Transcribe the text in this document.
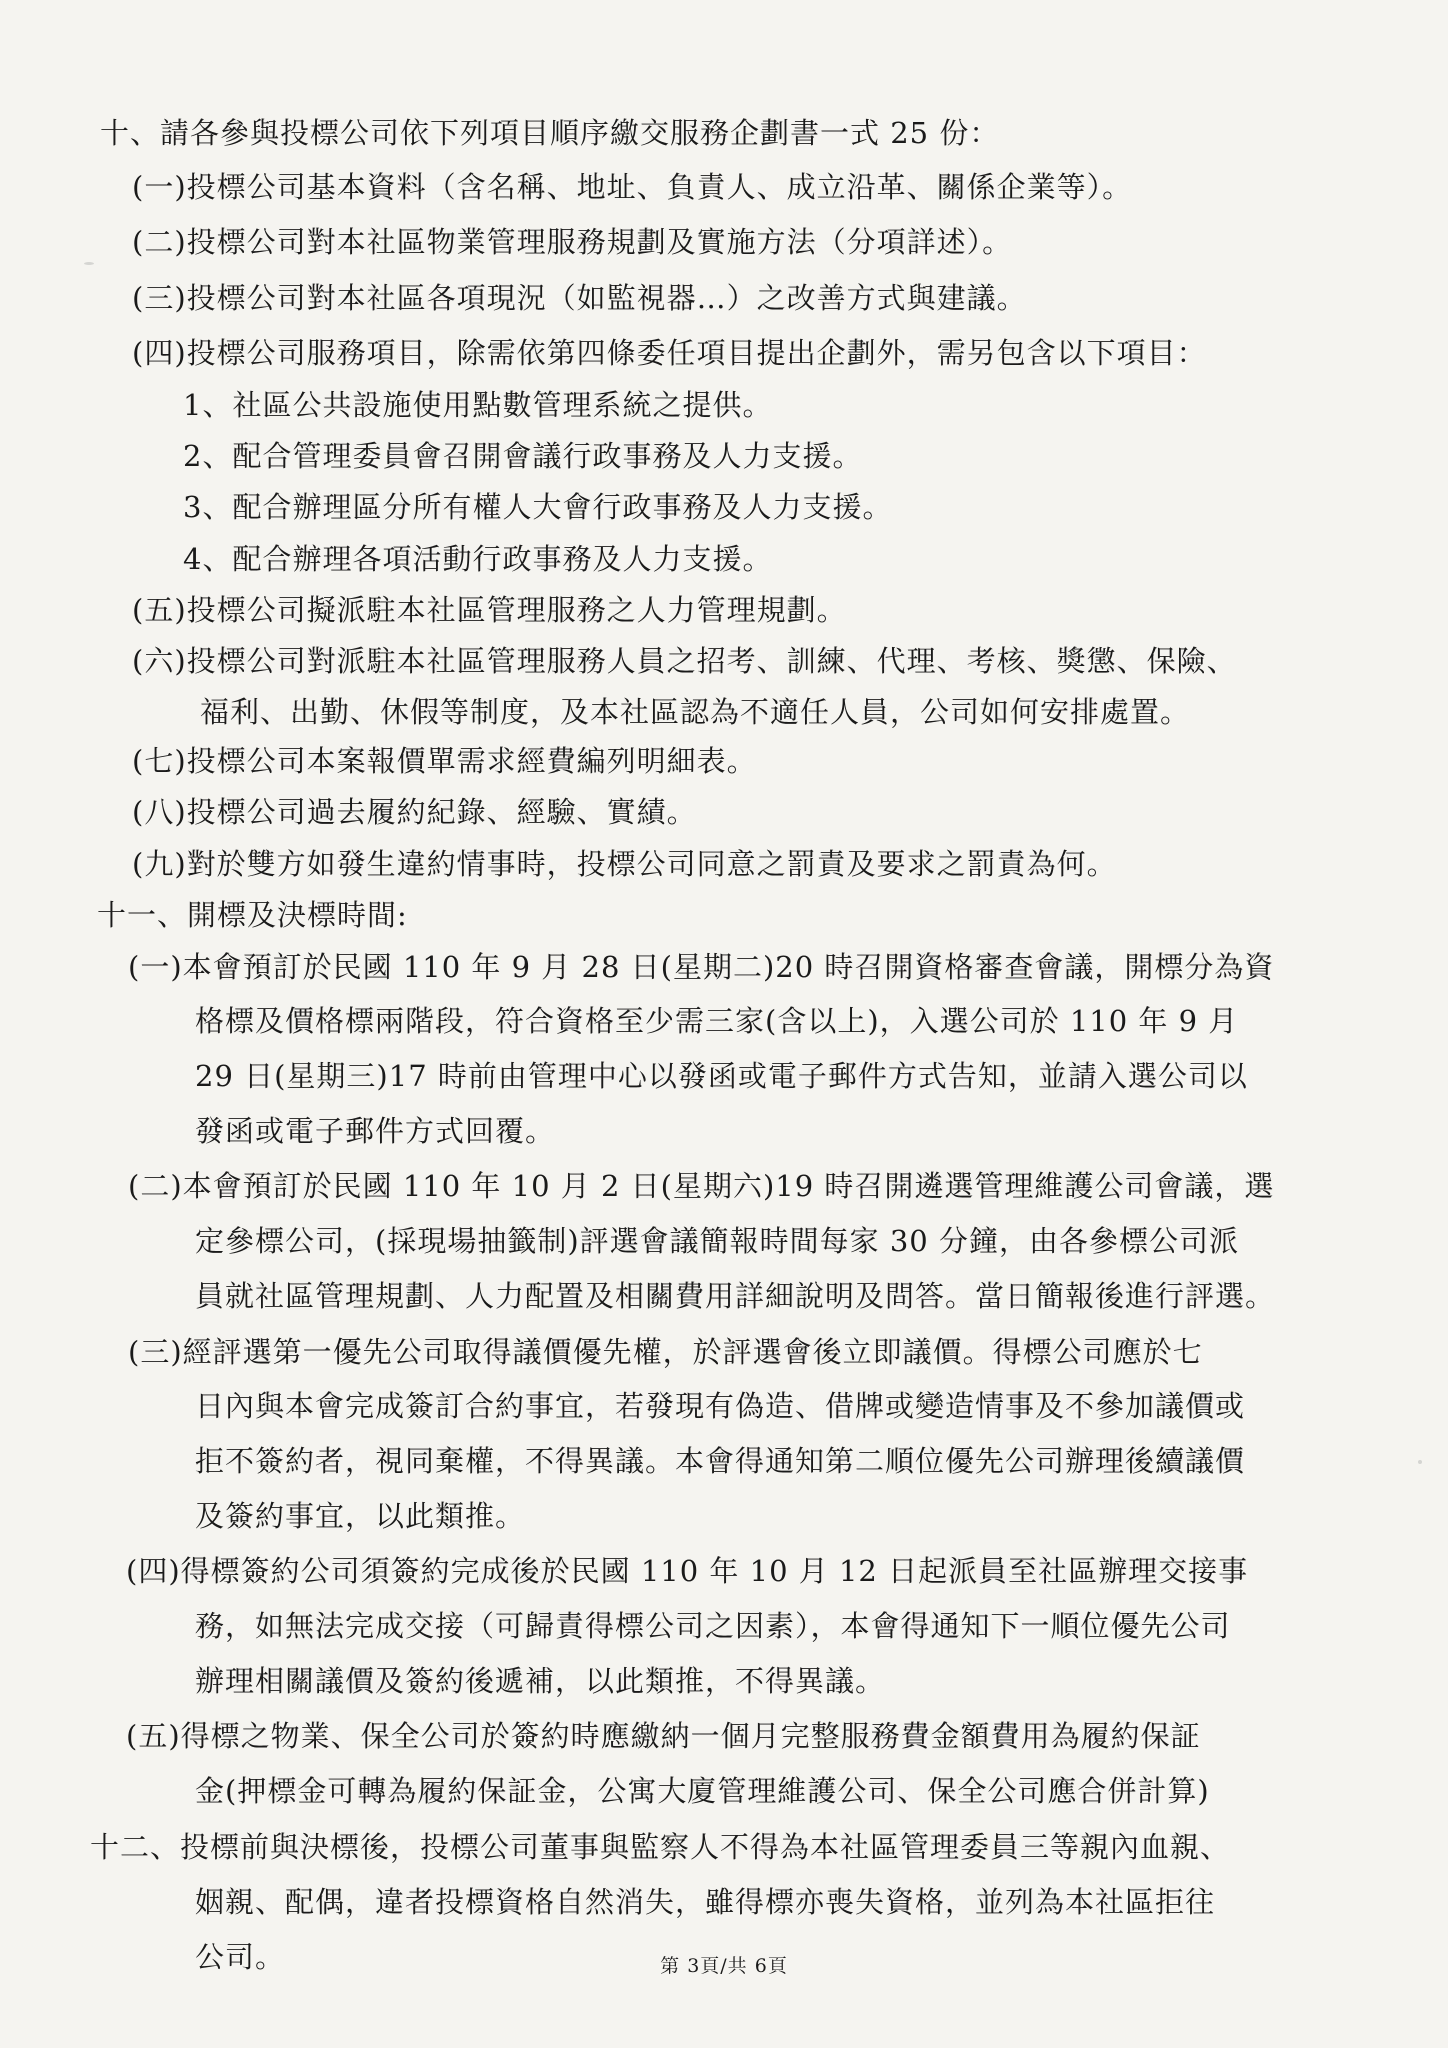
十、請各參與投標公司依下列項目順序繳交服務企劃書一式 25 份：
(一)投標公司基本資料（含名稱、地址、負責人、成立沿革、關係企業等）。
(二)投標公司對本社區物業管理服務規劃及實施方法（分項詳述）。
(三)投標公司對本社區各項現況（如監視器…）之改善方式與建議。
(四)投標公司服務項目，除需依第四條委任項目提出企劃外，需另包含以下項目：
1、社區公共設施使用點數管理系統之提供。
2、配合管理委員會召開會議行政事務及人力支援。
3、配合辦理區分所有權人大會行政事務及人力支援。
4、配合辦理各項活動行政事務及人力支援。
(五)投標公司擬派駐本社區管理服務之人力管理規劃。
(六)投標公司對派駐本社區管理服務人員之招考、訓練、代理、考核、獎懲、保險、
福利、出勤、休假等制度，及本社區認為不適任人員，公司如何安排處置。
(七)投標公司本案報價單需求經費編列明細表。
(八)投標公司過去履約紀錄、經驗、實績。
(九)對於雙方如發生違約情事時，投標公司同意之罰責及要求之罰責為何。
十一、開標及決標時間:
(一)本會預訂於民國 110 年 9 月 28 日(星期二)20 時召開資格審查會議，開標分為資
格標及價格標兩階段，符合資格至少需三家(含以上)，入選公司於 110 年 9 月
29 日(星期三)17 時前由管理中心以發函或電子郵件方式告知，並請入選公司以
發函或電子郵件方式回覆。
(二)本會預訂於民國 110 年 10 月 2 日(星期六)19 時召開遴選管理維護公司會議，選
定參標公司，(採現場抽籤制)評選會議簡報時間每家 30 分鐘，由各參標公司派
員就社區管理規劃、人力配置及相關費用詳細說明及問答。當日簡報後進行評選。
(三)經評選第一優先公司取得議價優先權，於評選會後立即議價。得標公司應於七
日內與本會完成簽訂合約事宜，若發現有偽造、借牌或變造情事及不參加議價或
拒不簽約者，視同棄權，不得異議。本會得通知第二順位優先公司辦理後續議價
及簽約事宜，以此類推。
(四)得標簽約公司須簽約完成後於民國 110 年 10 月 12 日起派員至社區辦理交接事
務，如無法完成交接（可歸責得標公司之因素），本會得通知下一順位優先公司
辦理相關議價及簽約後遞補，以此類推，不得異議。
(五)得標之物業、保全公司於簽約時應繳納一個月完整服務費金額費用為履約保証
金(押標金可轉為履約保証金，公寓大廈管理維護公司、保全公司應合併計算)
十二、投標前與決標後，投標公司董事與監察人不得為本社區管理委員三等親內血親、
姻親、配偶，違者投標資格自然消失，雖得標亦喪失資格，並列為本社區拒往
公司。	第 3頁/共 6頁
